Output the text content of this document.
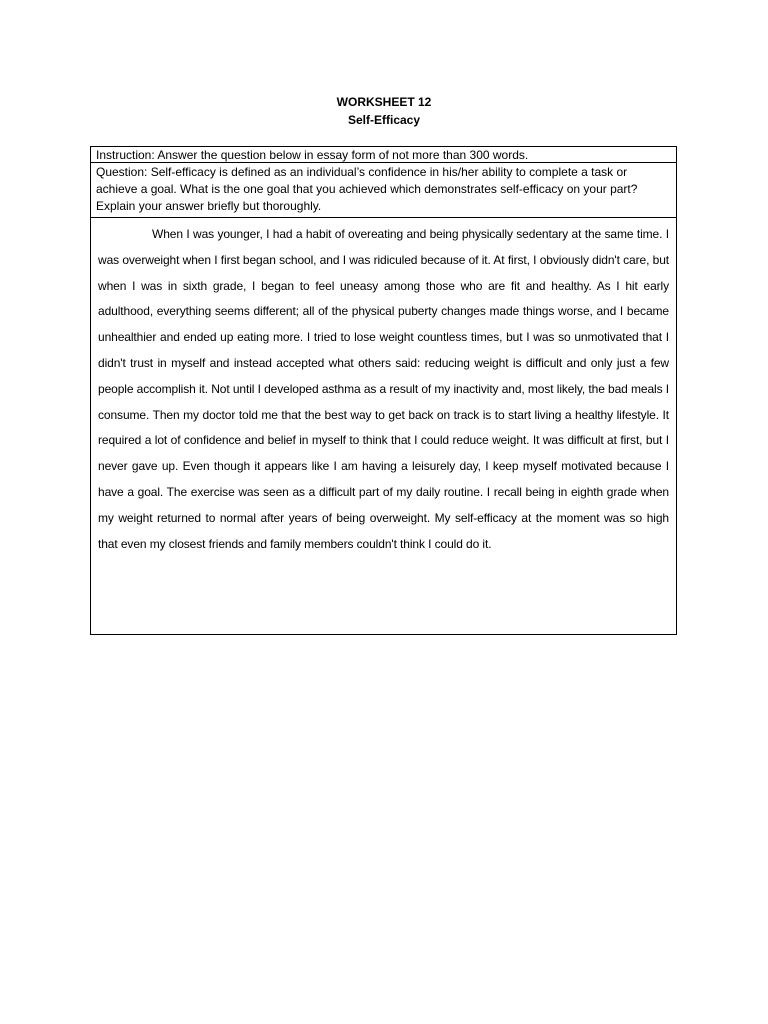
WORKSHEET 12
Self-Efficacy
Instruction: Answer the question below in essay form of not more than 300 words.
Question: Self-efficacy is defined as an individual’s confidence in his/her ability to complete a task or achieve a goal. What is the one goal that you achieved which demonstrates self-efficacy on your part? Explain your answer briefly but thoroughly.

When I was younger, I had a habit of overeating and being physically sedentary at the same time. I was overweight when I first began school, and I was ridiculed because of it. At first, I obviously didn't care, but when I was in sixth grade, I began to feel uneasy among those who are fit and healthy. As I hit early adulthood, everything seems different; all of the physical puberty changes made things worse, and I became unhealthier and ended up eating more. I tried to lose weight countless times, but I was so unmotivated that I didn't trust in myself and instead accepted what others said: reducing weight is difficult and only just a few people accomplish it. Not until I developed asthma as a result of my inactivity and, most likely, the bad meals I consume. Then my doctor told me that the best way to get back on track is to start living a healthy lifestyle. It required a lot of confidence and belief in myself to think that I could reduce weight. It was difficult at first, but I never gave up. Even though it appears like I am having a leisurely day, I keep myself motivated because I have a goal. The exercise was seen as a difficult part of my daily routine. I recall being in eighth grade when my weight returned to normal after years of being overweight. My self-efficacy at the moment was so high that even my closest friends and family members couldn't think I could do it.
